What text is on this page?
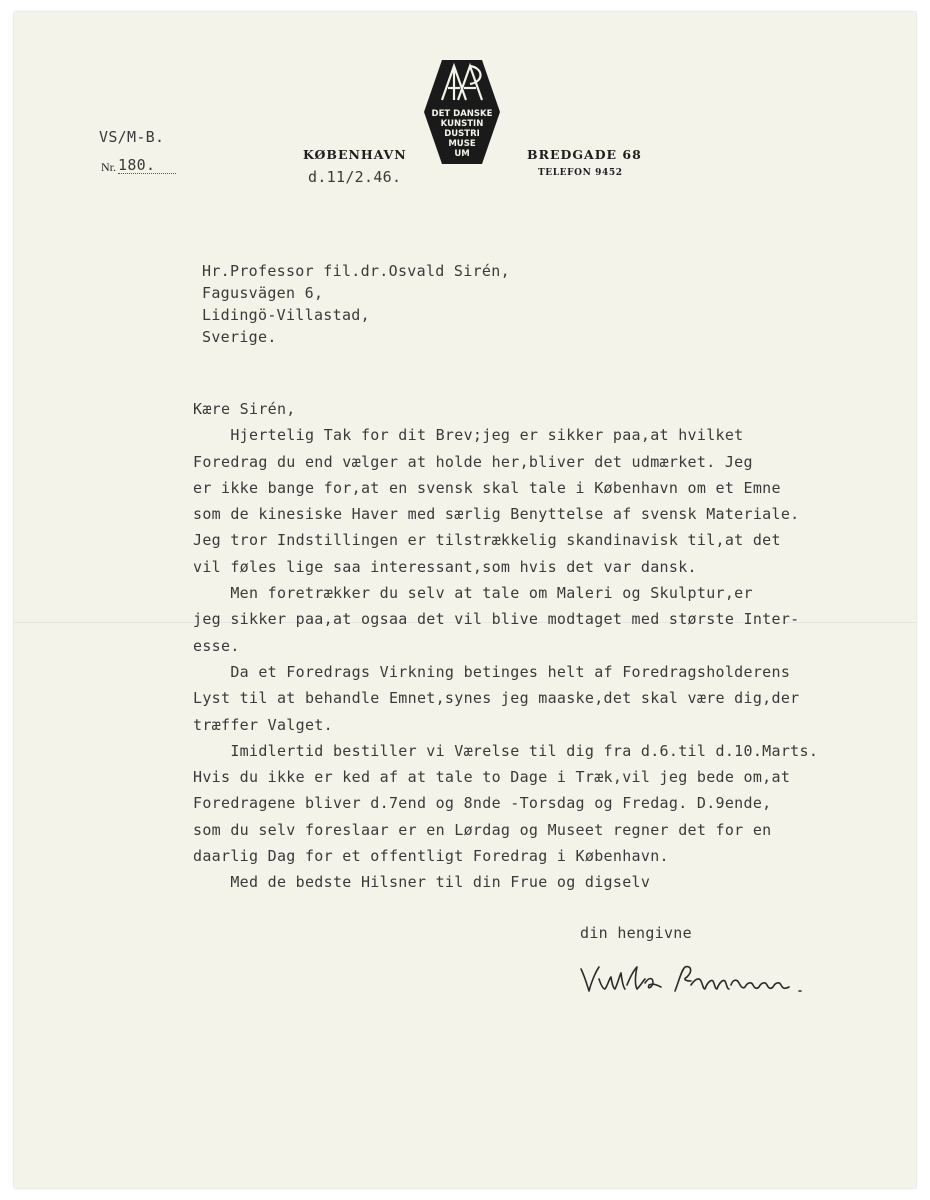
VS/M-B.
Nr. 180.
KØBENHAVN
d.11/2.46.
BREDGADE 68
TELEFON 9452
DET DANSKE
KUNSTIN
DUSTRI
MUSE
UM
Hr.Professor fil.dr.Osvald Sirén,
Fagusvägen 6,
Lidingö-Villastad,
Sverige.
Kære Sirén,
Hjertelig Tak for dit Brev;jeg er sikker paa,at hvilket
Foredrag du end vælger at holde her,bliver det udmærket. Jeg
er ikke bange for,at en svensk skal tale i København om et Emne
som de kinesiske Haver med særlig Benyttelse af svensk Materiale.
Jeg tror Indstillingen er tilstrækkelig skandinavisk til,at det
vil føles lige saa interessant,som hvis det var dansk.
Men foretrækker du selv at tale om Maleri og Skulptur,er
jeg sikker paa,at ogsaa det vil blive modtaget med største Inter-
esse.
Da et Foredrags Virkning betinges helt af Foredragsholderens
Lyst til at behandle Emnet,synes jeg maaske,det skal være dig,der
træffer Valget.
Imidlertid bestiller vi Værelse til dig fra d.6.til d.10.Marts.
Hvis du ikke er ked af at tale to Dage i Træk,vil jeg bede om,at
Foredragene bliver d.7end og 8nde -Torsdag og Fredag. D.9ende,
som du selv foreslaar er en Lørdag og Museet regner det for en
daarlig Dag for et offentligt Foredrag i København.
Med de bedste Hilsner til din Frue og digselv
din hengivne
